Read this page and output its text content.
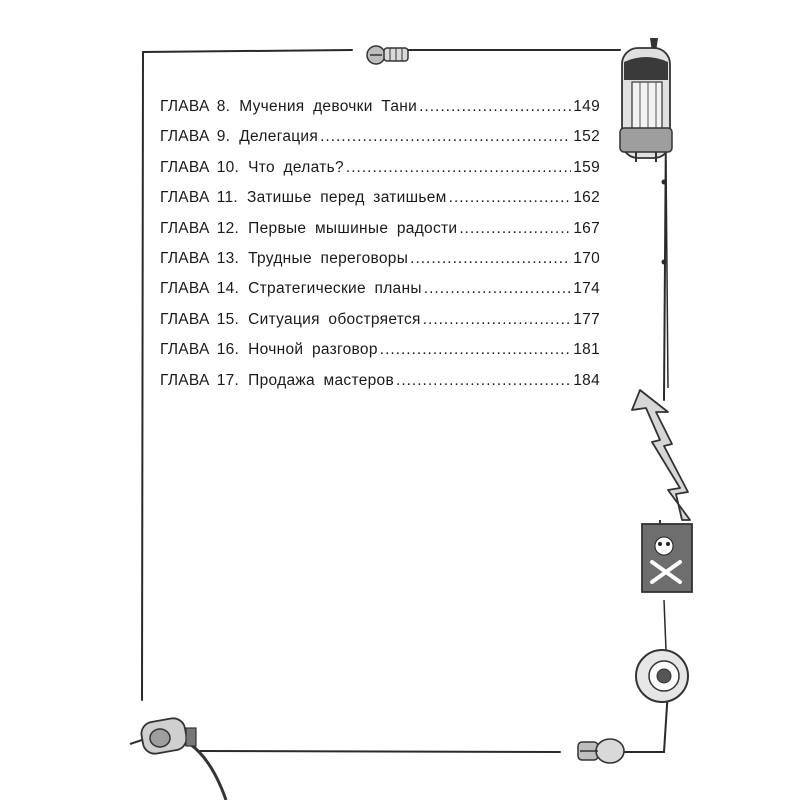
ГЛАВА 8. Мучения девочки Тани .....	149
ГЛАВА 9. Делегация .....	152
ГЛАВА 10. Что делать? .....	159
ГЛАВА 11. Затишье перед затишьем .....	162
ГЛАВА 12. Первые мышиные радости .....	167
ГЛАВА 13. Трудные переговоры .....	170
ГЛАВА 14. Стратегические планы .....	174
ГЛАВА 15. Ситуация обостряется .....	177
ГЛАВА 16. Ночной разговор .....	181
ГЛАВА 17. Продажа мастеров .....	184
